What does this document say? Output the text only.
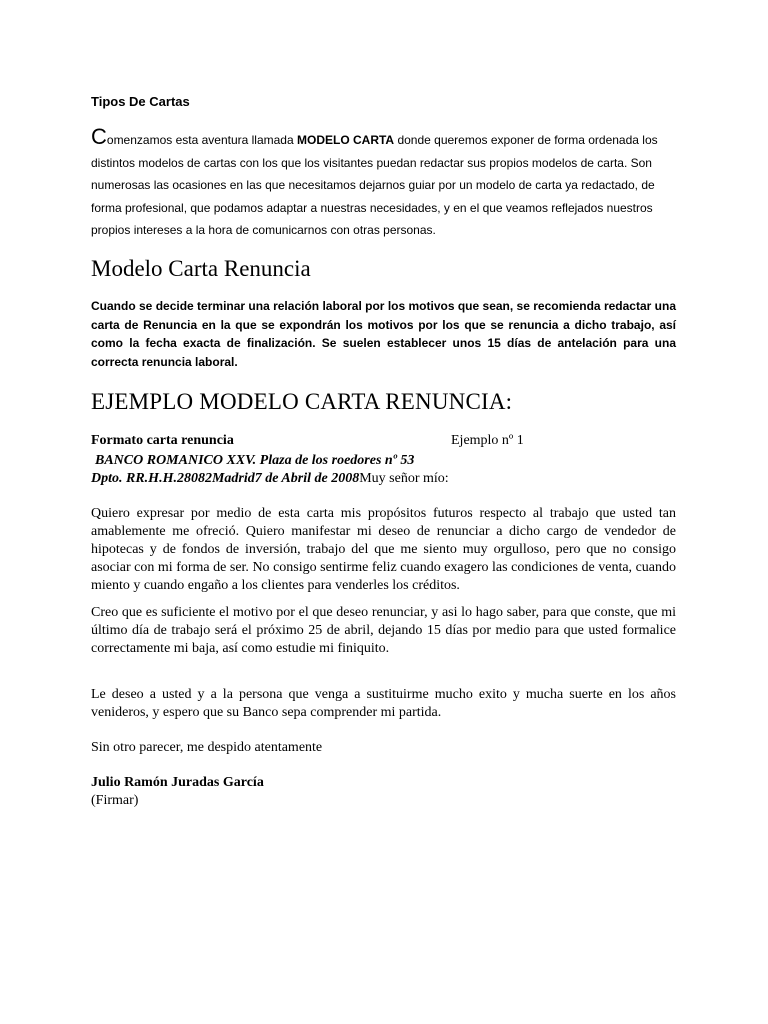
Tipos De Cartas
Comenzamos esta aventura llamada MODELO CARTA donde queremos exponer de forma ordenada los distintos modelos de cartas con los que los visitantes puedan redactar sus propios modelos de carta. Son numerosas las ocasiones en las que necesitamos dejarnos guiar por un modelo de carta ya redactado, de forma profesional, que podamos adaptar a nuestras necesidades, y en el que veamos reflejados nuestros propios intereses a la hora de comunicarnos con otras personas.
Modelo Carta Renuncia
Cuando se decide terminar una relación laboral por los motivos que sean, se recomienda redactar una carta de Renuncia en la que se expondrán los motivos por los que se renuncia a dicho trabajo, así como la fecha exacta de finalización. Se suelen establecer unos 15 días de antelación para una correcta renuncia laboral.
EJEMPLO MODELO CARTA RENUNCIA:
Formato carta renuncia	Ejemplo nº 1
BANCO ROMANICO XXV. Plaza de los roedores nº 53
Dpto. RR.H.H.28082Madrid7 de Abril de 2008Muy señor mío:
Quiero expresar por medio de esta carta mis propósitos futuros respecto al trabajo que usted tan amablemente me ofreció. Quiero manifestar mi deseo de renunciar a dicho cargo de vendedor de hipotecas y de fondos de inversión, trabajo del que me siento muy orgulloso, pero que no consigo asociar con mi forma de ser. No consigo sentirme feliz cuando exagero las condiciones de venta, cuando miento y cuando engaño a los clientes para venderles los créditos.
Creo que es suficiente el motivo por el que deseo renunciar, y asi lo hago saber, para que conste, que mi último día de trabajo será el próximo 25 de abril, dejando 15 días por medio para que usted formalice correctamente mi baja, así como estudie mi finiquito.
Le deseo a usted y a la persona que venga a sustituirme mucho exito y mucha suerte en los años venideros, y espero que su Banco sepa comprender mi partida.
Sin otro parecer, me despido atentamente
Julio Ramón Juradas García
(Firmar)
